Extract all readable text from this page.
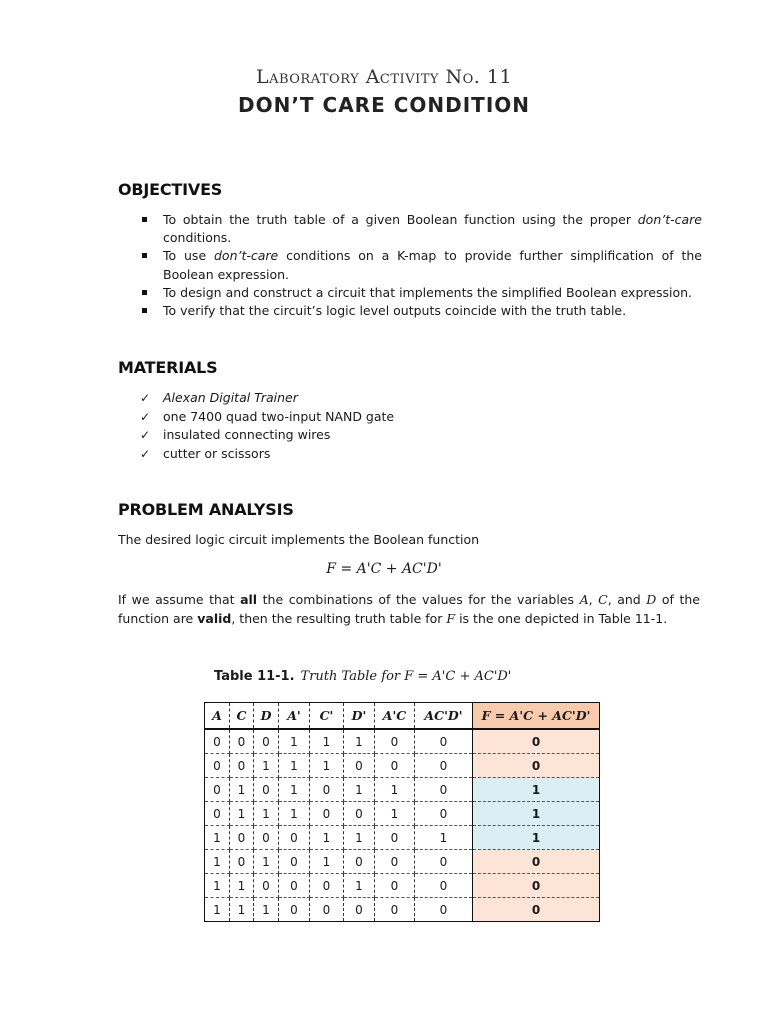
Laboratory Activity No. 11
DON’T CARE CONDITION
OBJECTIVES
To obtain the truth table of a given Boolean function using the proper don’t-care conditions.
To use don’t-care conditions on a K-map to provide further simplification of the Boolean expression.
To design and construct a circuit that implements the simplified Boolean expression.
To verify that the circuit’s logic level outputs coincide with the truth table.
MATERIALS
✓ Alexan Digital Trainer
✓ one 7400 quad two-input NAND gate
✓ insulated connecting wires
✓ cutter or scissors
PROBLEM ANALYSIS
The desired logic circuit implements the Boolean function
F = A'C + AC'D'
If we assume that all the combinations of the values for the variables A, C, and D of the function are valid, then the resulting truth table for F is the one depicted in Table 11-1.
Table 11-1. Truth Table for F = A'C + AC'D'
A	C	D	A'	C'	D'	A'C	AC'D'	F = A'C + AC'D'
0	0	0	1	1	1	0	0	0
0	0	1	1	1	0	0	0	0
0	1	0	1	0	1	1	0	1
0	1	1	1	0	0	1	0	1
1	0	0	0	1	1	0	1	1
1	0	1	0	1	0	0	0	0
1	1	0	0	0	1	0	0	0
1	1	1	0	0	0	0	0	0
